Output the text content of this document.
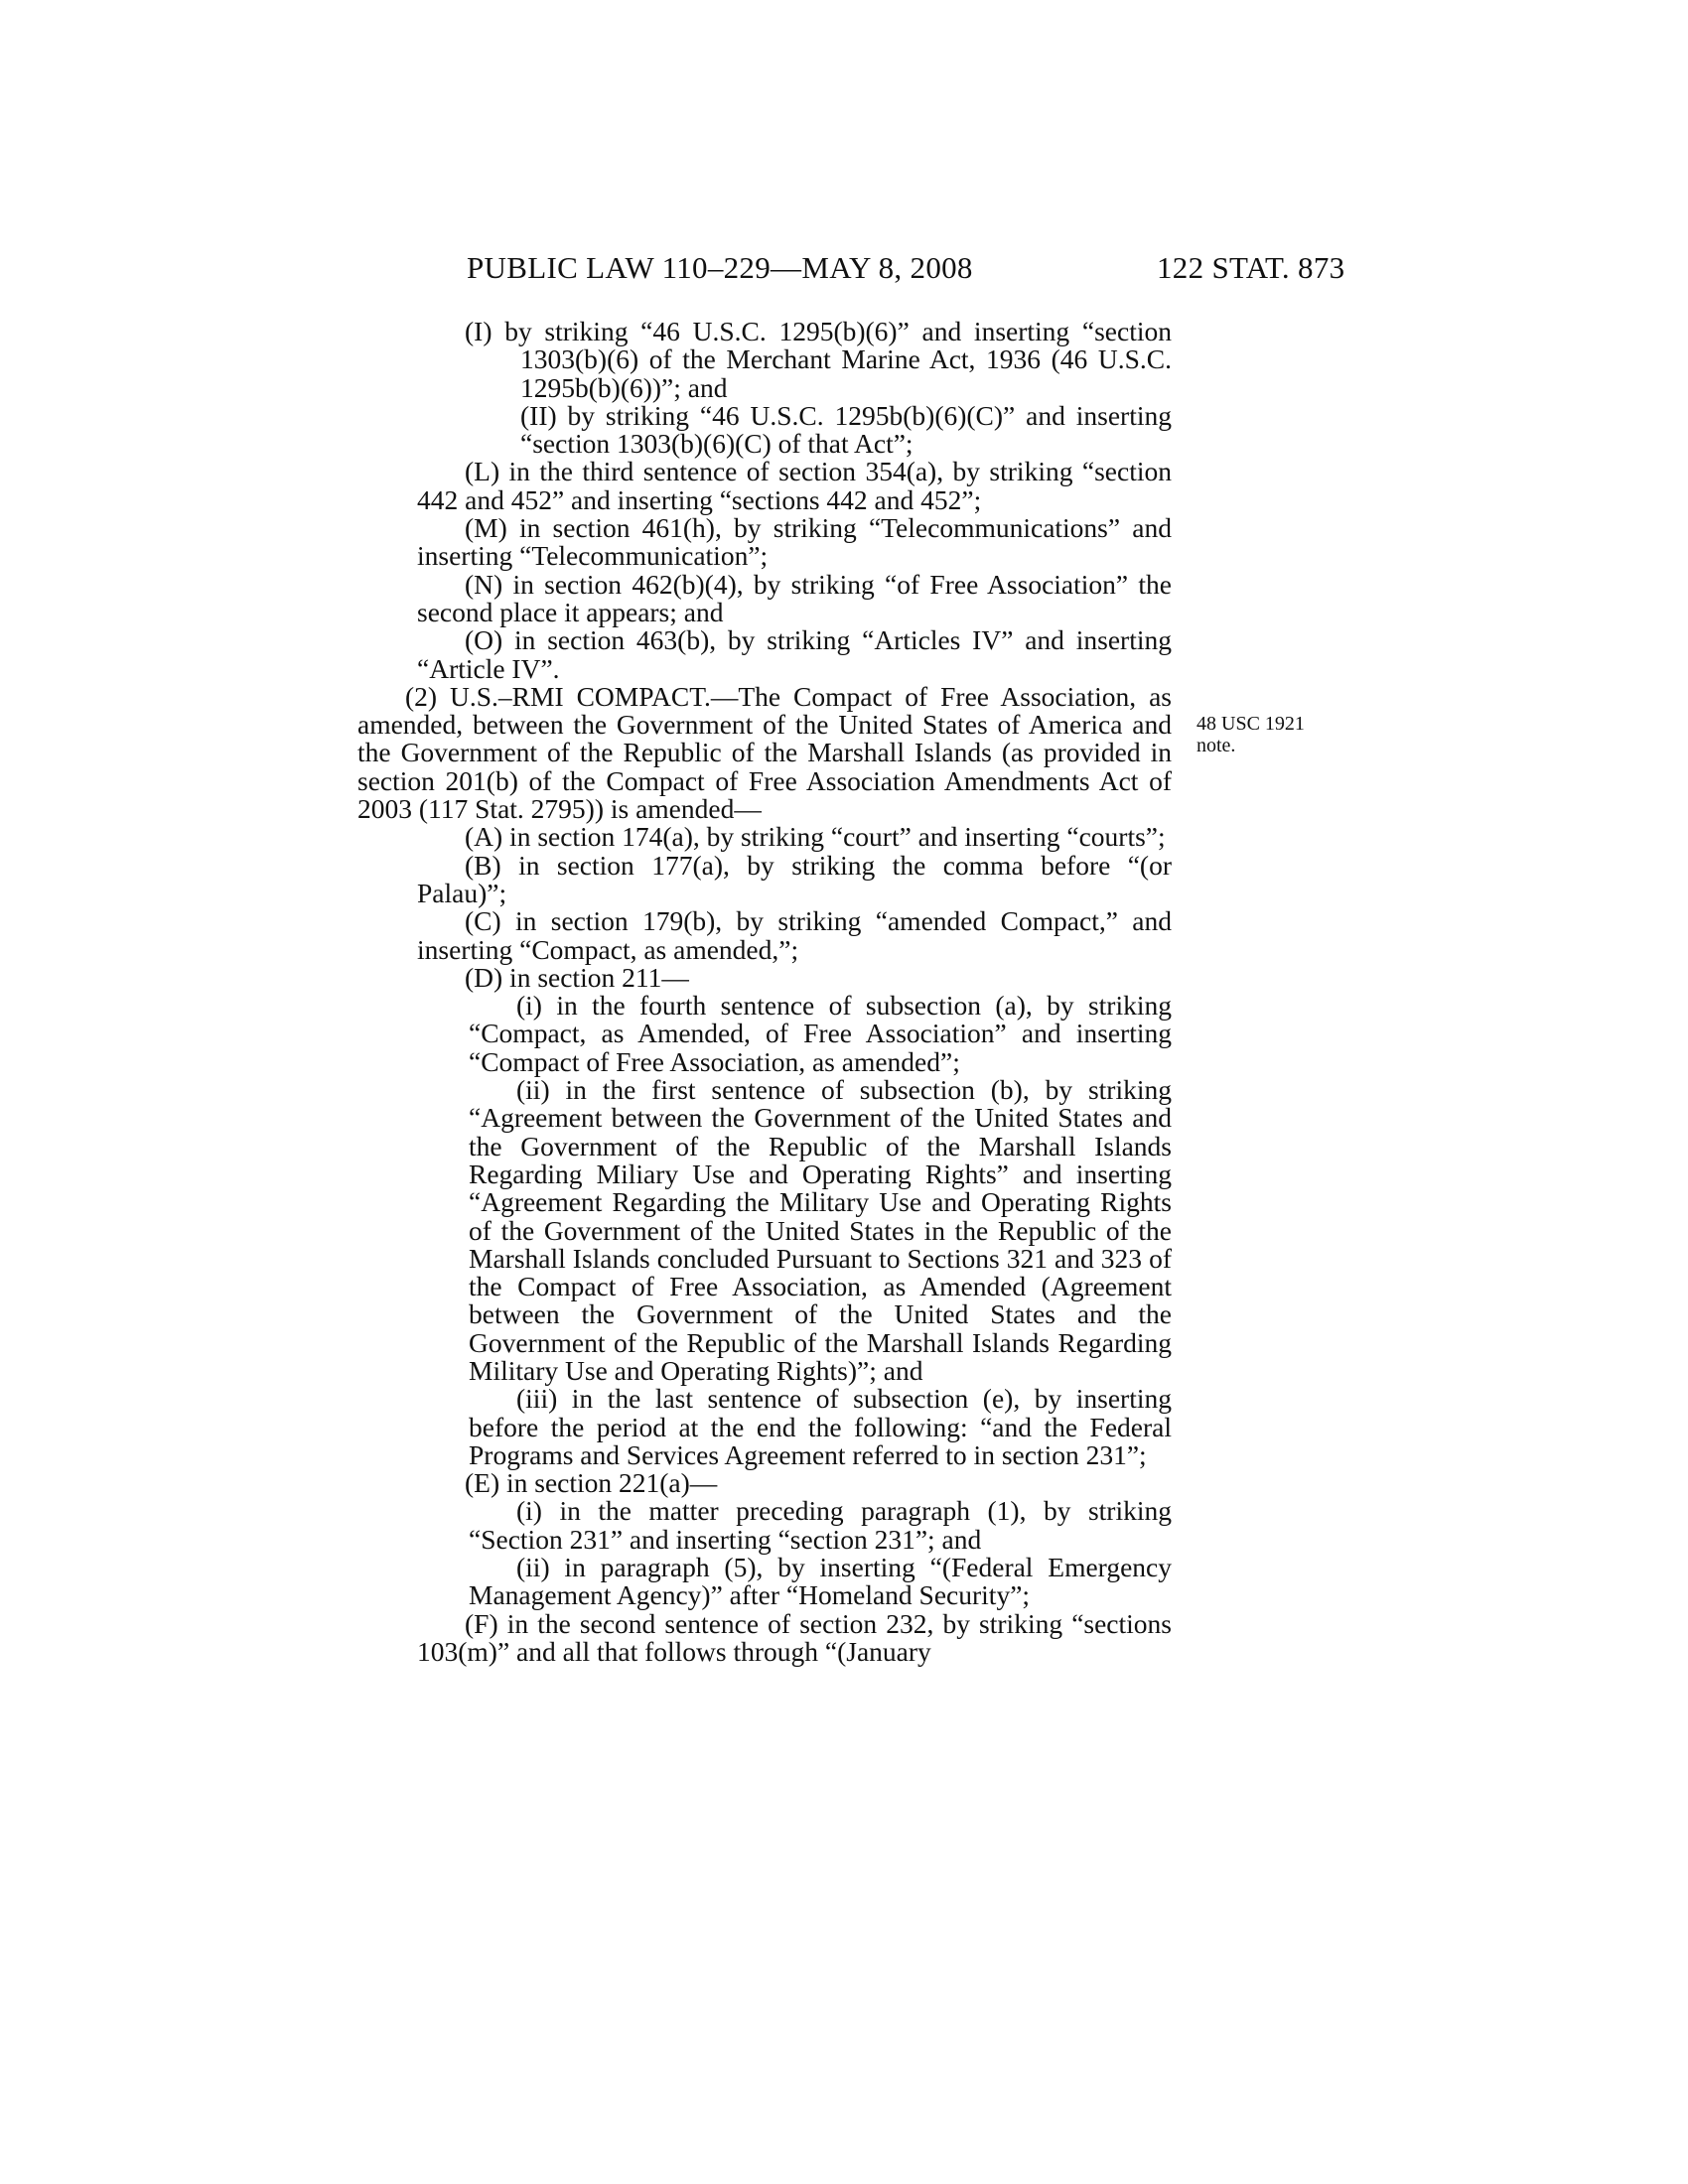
PUBLIC LAW 110–229—MAY 8, 2008	122 STAT. 873
48 USC 1921
note.

(I) by striking “46 U.S.C. 1295(b)(6)” and inserting “section 1303(b)(6) of the Merchant Marine Act, 1936 (46 U.S.C. 1295b(b)(6))”; and

(II) by striking “46 U.S.C. 1295b(b)(6)(C)” and inserting “section 1303(b)(6)(C) of that Act”;

(L) in the third sentence of section 354(a), by striking “section 442 and 452” and inserting “sections 442 and 452”;

(M) in section 461(h), by striking “Telecommunications” and inserting “Telecommunication”;

(N) in section 462(b)(4), by striking “of Free Association” the second place it appears; and

(O) in section 463(b), by striking “Articles IV” and inserting “Article IV”.

(2) U.S.–RMI COMPACT.—The Compact of Free Association, as amended, between the Government of the United States of America and the Government of the Republic of the Marshall Islands (as provided in section 201(b) of the Compact of Free Association Amendments Act of 2003 (117 Stat. 2795)) is amended—

(A) in section 174(a), by striking “court” and inserting “courts”;

(B) in section 177(a), by striking the comma before “(or Palau)”;

(C) in section 179(b), by striking “amended Compact,” and inserting “Compact, as amended,”;

(D) in section 211—

(i) in the fourth sentence of subsection (a), by striking “Compact, as Amended, of Free Association” and inserting “Compact of Free Association, as amended”;

(ii) in the first sentence of subsection (b), by striking “Agreement between the Government of the United States and the Government of the Republic of the Marshall Islands Regarding Miliary Use and Operating Rights” and inserting “Agreement Regarding the Military Use and Operating Rights of the Government of the United States in the Republic of the Marshall Islands concluded Pursuant to Sections 321 and 323 of the Compact of Free Association, as Amended (Agreement between the Government of the United States and the Government of the Republic of the Marshall Islands Regarding Military Use and Operating Rights)”; and

(iii) in the last sentence of subsection (e), by inserting before the period at the end the following: “and the Federal Programs and Services Agreement referred to in section 231”;

(E) in section 221(a)—

(i) in the matter preceding paragraph (1), by striking “Section 231” and inserting “section 231”; and

(ii) in paragraph (5), by inserting “(Federal Emergency Management Agency)” after “Homeland Security”;

(F) in the second sentence of section 232, by striking “sections 103(m)” and all that follows through “(January
